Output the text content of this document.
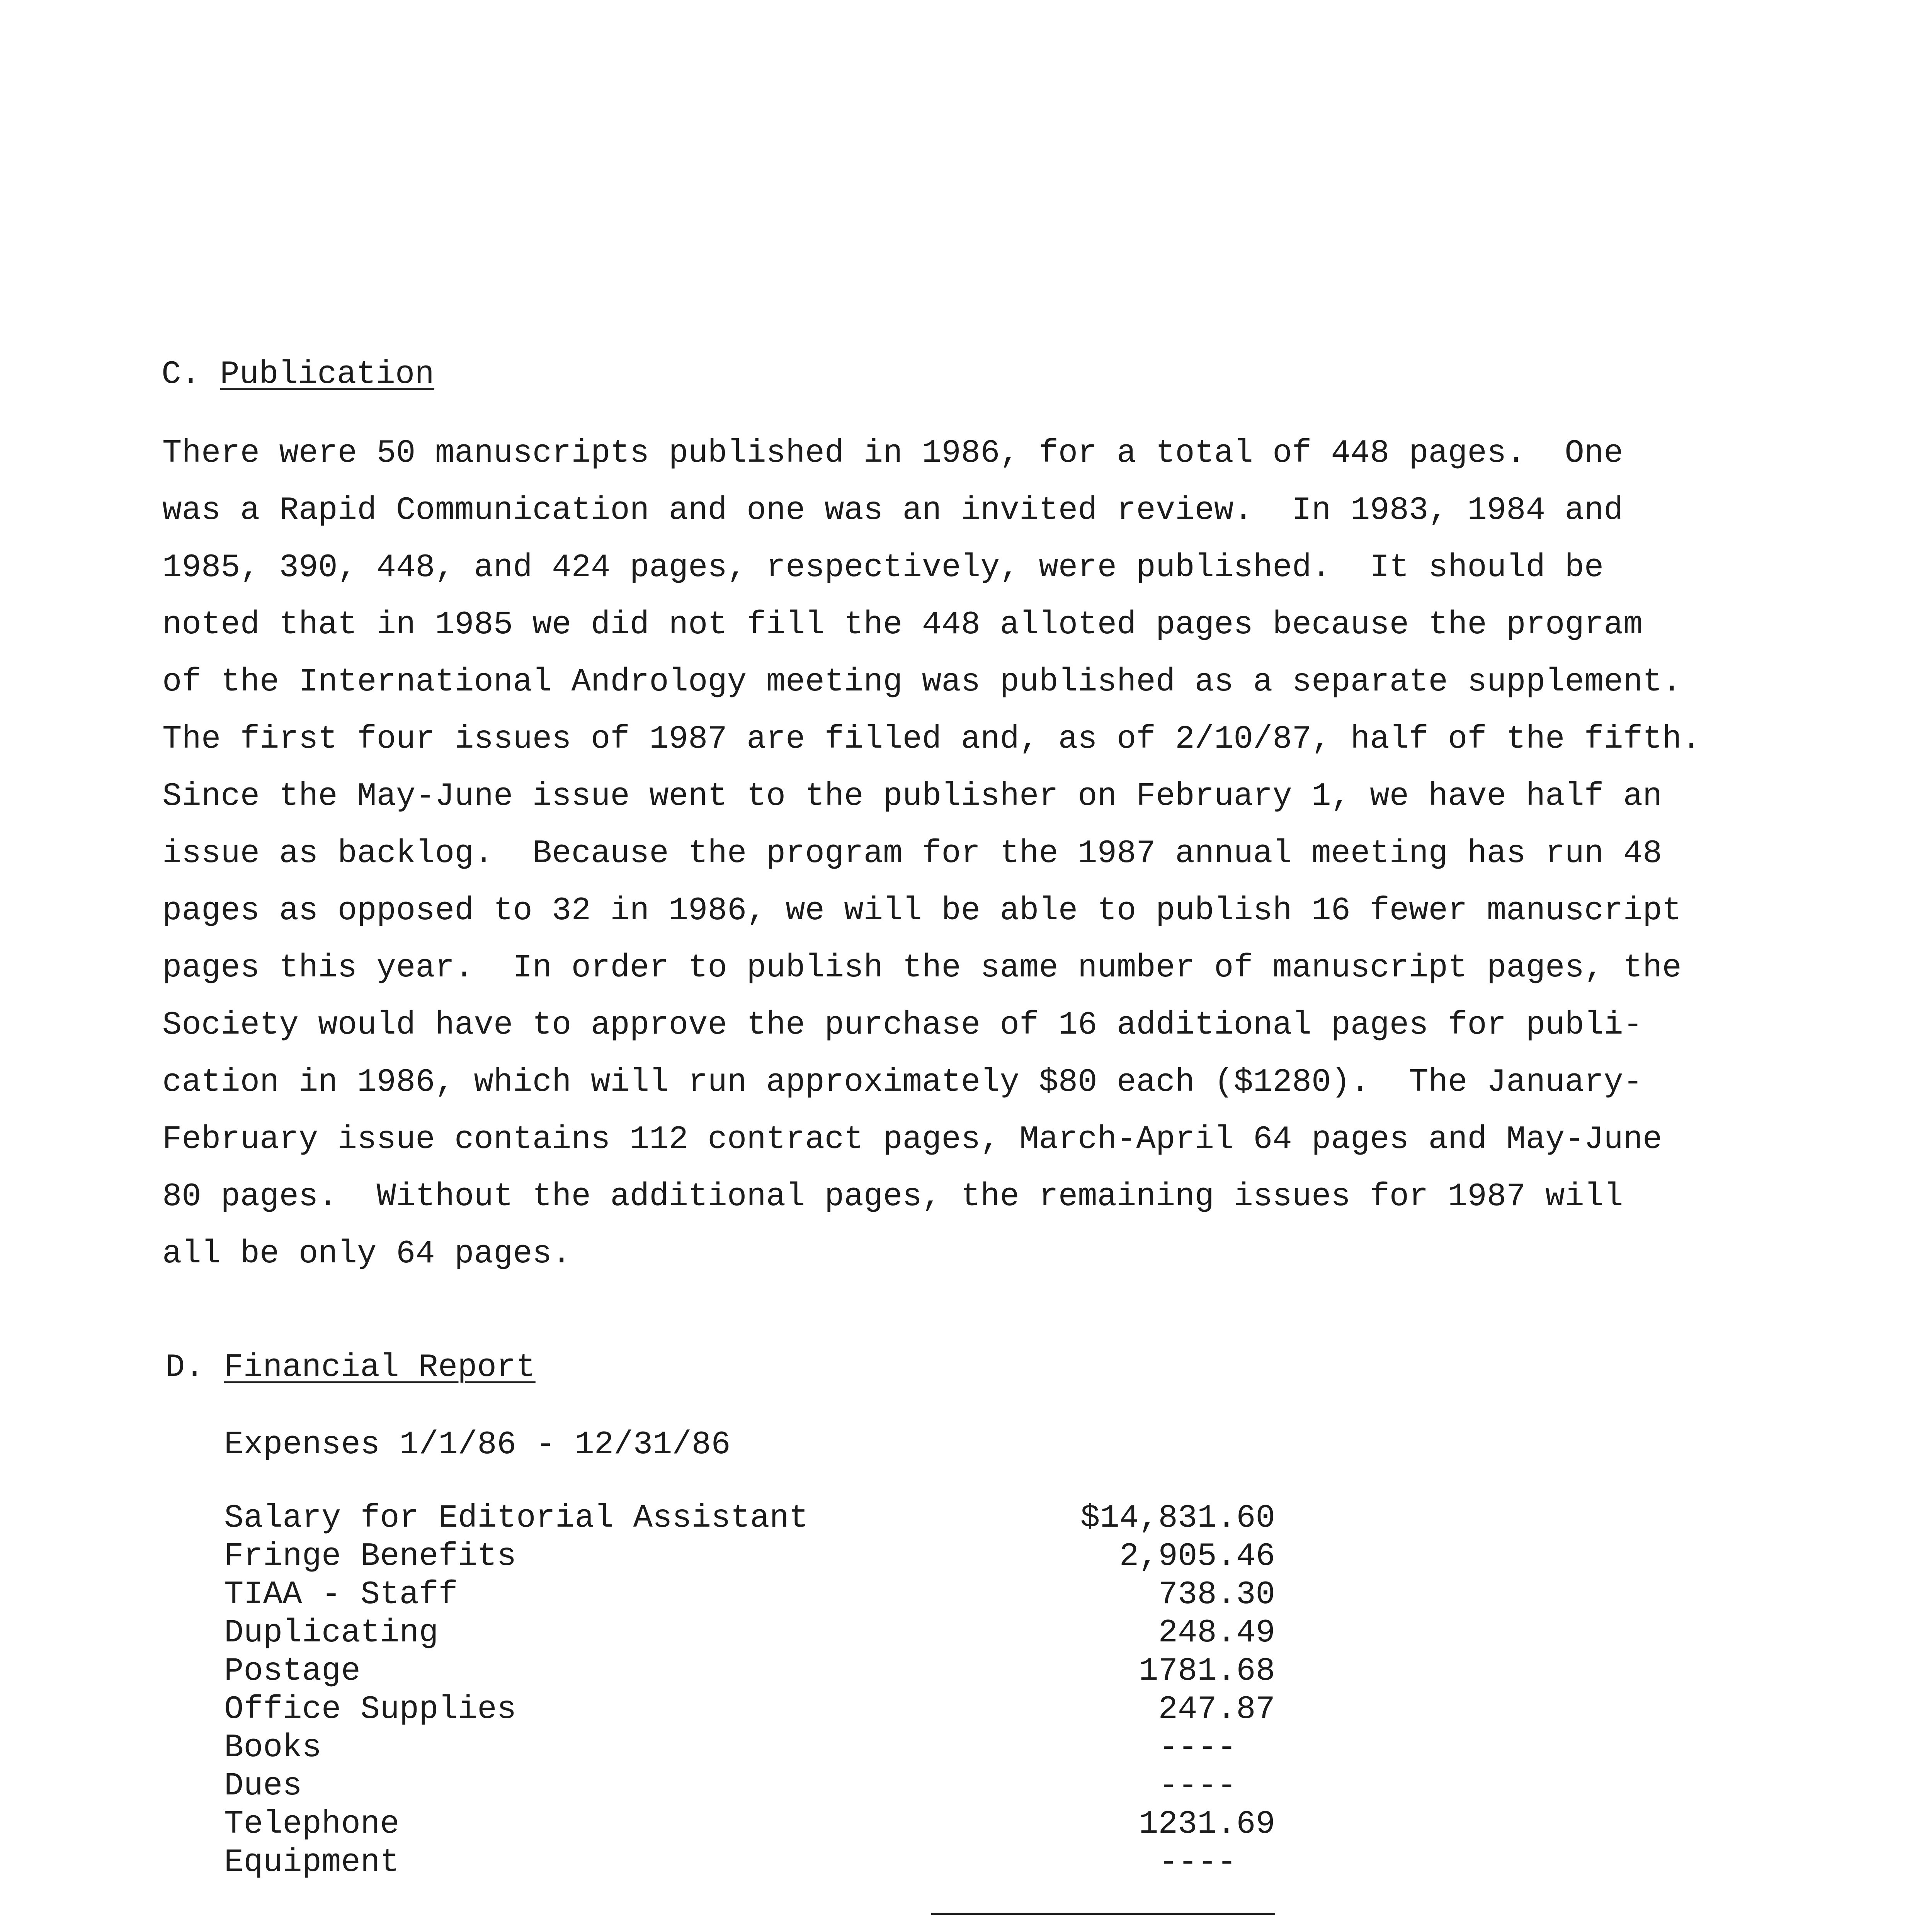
C. Publication
There were 50 manuscripts published in 1986, for a total of 448 pages.  One
was a Rapid Communication and one was an invited review.  In 1983, 1984 and
1985, 390, 448, and 424 pages, respectively, were published.  It should be
noted that in 1985 we did not fill the 448 alloted pages because the program
of the International Andrology meeting was published as a separate supplement.
The first four issues of 1987 are filled and, as of 2/10/87, half of the fifth.
Since the May-June issue went to the publisher on February 1, we have half an
issue as backlog.  Because the program for the 1987 annual meeting has run 48
pages as opposed to 32 in 1986, we will be able to publish 16 fewer manuscript
pages this year.  In order to publish the same number of manuscript pages, the
Society would have to approve the purchase of 16 additional pages for publi-
cation in 1986, which will run approximately $80 each ($1280).  The January-
February issue contains 112 contract pages, March-April 64 pages and May-June
80 pages.  Without the additional pages, the remaining issues for 1987 will
all be only 64 pages.
D. Financial Report
Expenses 1/1/86 - 12/31/86
Salary for Editorial Assistant	$14,831.60
Fringe Benefits	2,905.46
TIAA - Staff	738.30
Duplicating	248.49
Postage	1781.68
Office Supplies	247.87
Books	----
Dues	----
Telephone	1231.69
Equipment	----
